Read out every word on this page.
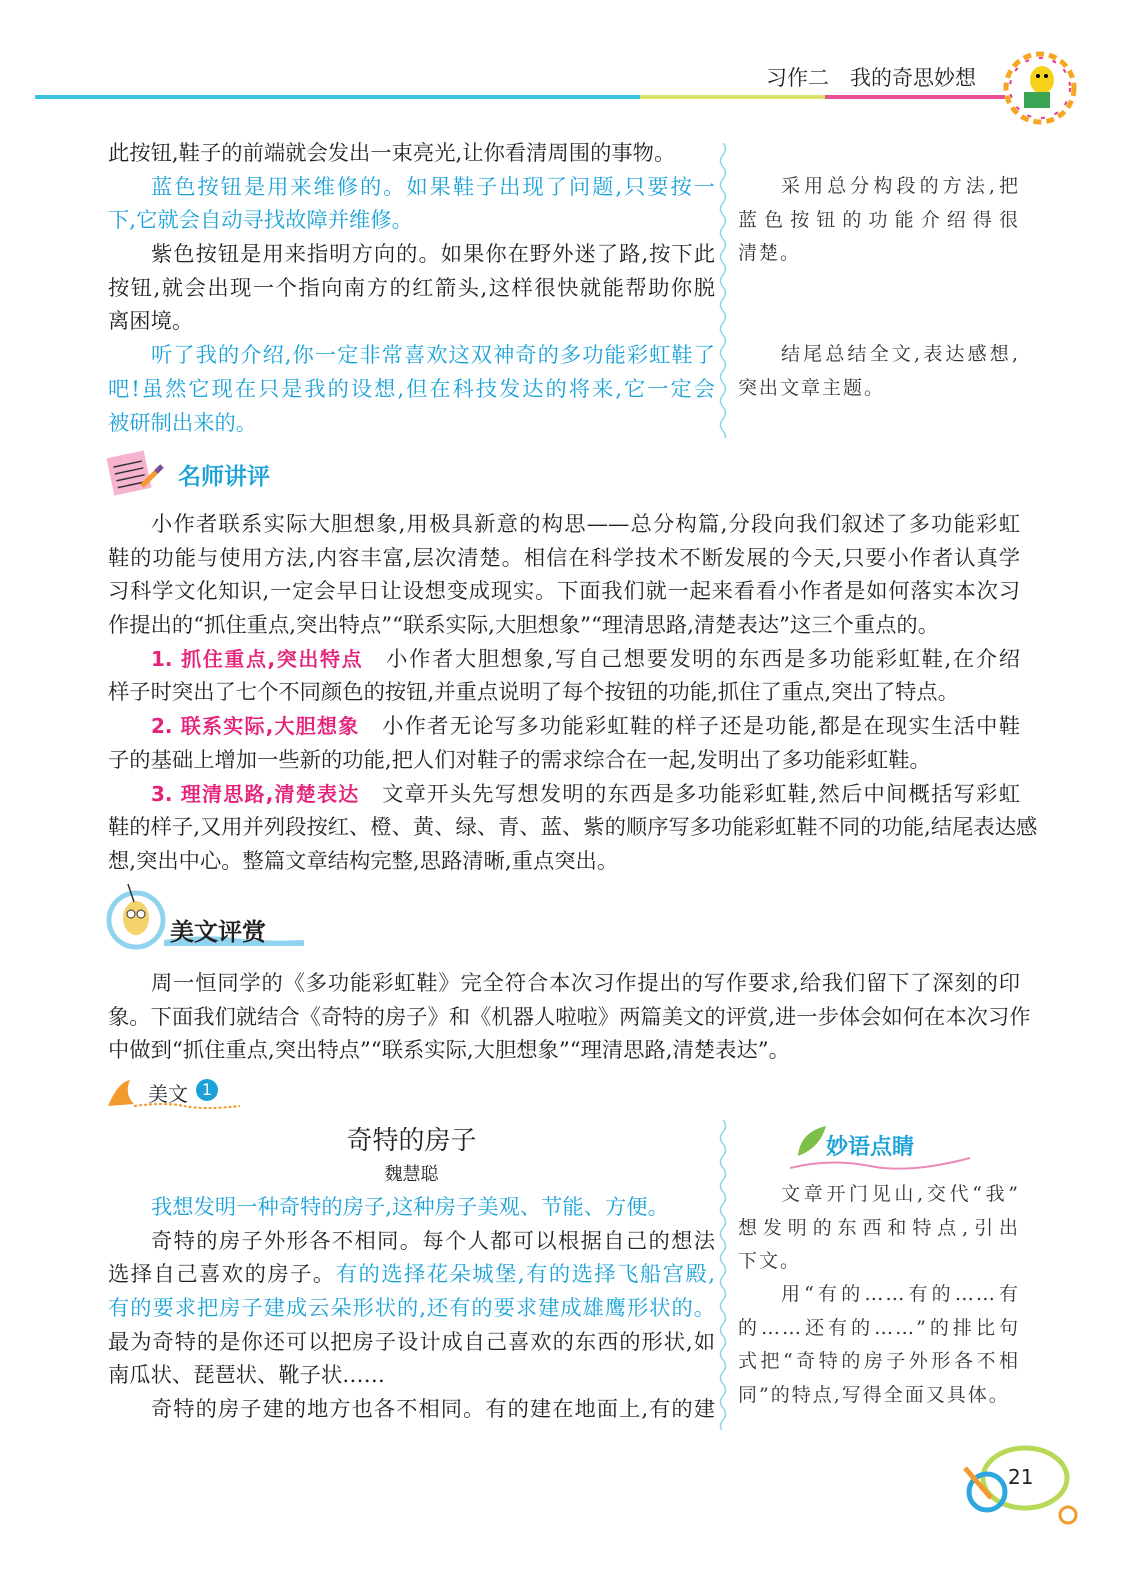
习作二　我的奇思妙想
此按钮,鞋子的前端就会发出一束亮光,让你看清周围的事物。
蓝色按钮是用来维修的。如果鞋子出现了问题,只要按一
下,它就会自动寻找故障并维修。
紫色按钮是用来指明方向的。如果你在野外迷了路,按下此
按钮,就会出现一个指向南方的红箭头,这样很快就能帮助你脱
离困境。
听了我的介绍,你一定非常喜欢这双神奇的多功能彩虹鞋了
吧!虽然它现在只是我的设想,但在科技发达的将来,它一定会
被研制出来的。
采用总分构段的方法,把
蓝色按钮的功能介绍得很
清楚。
结尾总结全文,表达感想,
突出文章主题。
名师讲评
小作者联系实际大胆想象,用极具新意的构思——总分构篇,分段向我们叙述了多功能彩虹
鞋的功能与使用方法,内容丰富,层次清楚。相信在科学技术不断发展的今天,只要小作者认真学
习科学文化知识,一定会早日让设想变成现实。下面我们就一起来看看小作者是如何落实本次习
作提出的“抓住重点,突出特点”“联系实际,大胆想象”“理清思路,清楚表达”这三个重点的。
1. 抓住重点,突出特点　小作者大胆想象,写自己想要发明的东西是多功能彩虹鞋,在介绍
样子时突出了七个不同颜色的按钮,并重点说明了每个按钮的功能,抓住了重点,突出了特点。
2. 联系实际,大胆想象　小作者无论写多功能彩虹鞋的样子还是功能,都是在现实生活中鞋
子的基础上增加一些新的功能,把人们对鞋子的需求综合在一起,发明出了多功能彩虹鞋。
3. 理清思路,清楚表达　文章开头先写想发明的东西是多功能彩虹鞋,然后中间概括写彩虹
鞋的样子,又用并列段按红、橙、黄、绿、青、蓝、紫的顺序写多功能彩虹鞋不同的功能,结尾表达感
想,突出中心。整篇文章结构完整,思路清晰,重点突出。
美文评赏
周一恒同学的《多功能彩虹鞋》完全符合本次习作提出的写作要求,给我们留下了深刻的印
象。下面我们就结合《奇特的房子》和《机器人啦啦》两篇美文的评赏,进一步体会如何在本次习作
中做到“抓住重点,突出特点”“联系实际,大胆想象”“理清思路,清楚表达”。
美文 1
奇特的房子
魏慧聪
我想发明一种奇特的房子,这种房子美观、节能、方便。
奇特的房子外形各不相同。每个人都可以根据自己的想法
选择自己喜欢的房子。有的选择花朵城堡,有的选择飞船宫殿,
有的要求把房子建成云朵形状的,还有的要求建成雄鹰形状的。
最为奇特的是你还可以把房子设计成自己喜欢的东西的形状,如
南瓜状、琵琶状、靴子状……
奇特的房子建的地方也各不相同。有的建在地面上,有的建
妙语点睛
文章开门见山,交代“我”
想发明的东西和特点,引出
下文。
用“有的……有的……有
的……还有的……”的排比句
式把“奇特的房子外形各不相
同”的特点,写得全面又具体。
21
